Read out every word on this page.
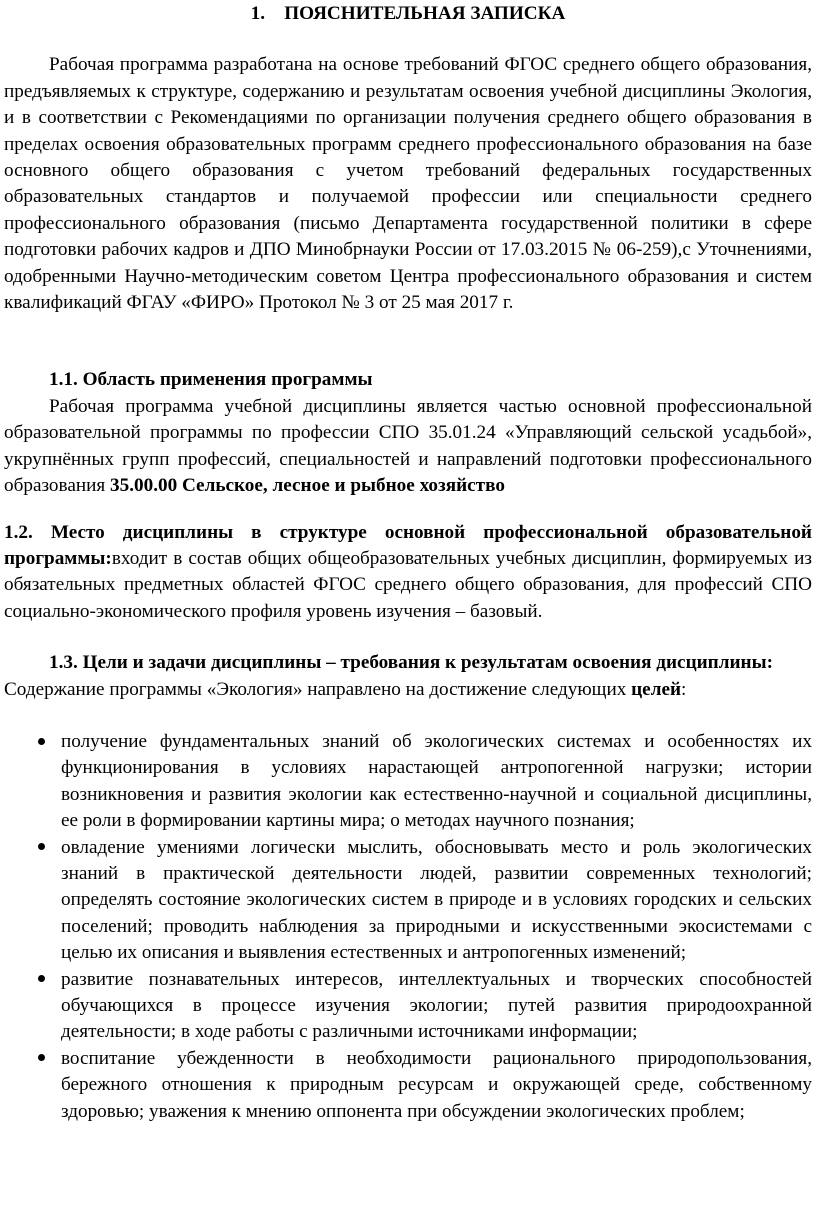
1. ПОЯСНИТЕЛЬНАЯ ЗАПИСКА

Рабочая программа разработана на основе требований ФГОС среднего общего образования, предъявляемых к структуре, содержанию и результатам освоения учебной дисциплины Экология, и в соответствии с Рекомендациями по организации получения среднего общего образования в пределах освоения образовательных программ среднего профессионального образования на базе основного общего образования с учетом требований федеральных государственных образовательных стандартов и получаемой профессии или специальности среднего профессионального образования (письмо Департамента государственной политики в сфере подготовки рабочих кадров и ДПО Минобрнауки России от 17.03.2015 № 06-259),с Уточнениями, одобренными Научно-методическим советом Центра профессионального образования и систем квалификаций ФГАУ «ФИРО» Протокол № 3 от 25 мая 2017 г.

1.1. Область применения программы

Рабочая программа учебной дисциплины является частью основной профессиональной образовательной программы по профессии СПО 35.01.24 «Управляющий сельской усадьбой», укрупнённых групп профессий, специальностей и направлений подготовки профессионального образования 35.00.00 Сельское, лесное и рыбное хозяйство

1.2. Место дисциплины в структуре основной профессиональной образовательной программы:входит в состав общих общеобразовательных учебных дисциплин, формируемых из обязательных предметных областей ФГОС среднего общего образования, для профессий СПО социально-экономического профиля уровень изучения – базовый.

1.3. Цели и задачи дисциплины – требования к результатам освоения дисциплины:

Содержание программы «Экология» направлено на достижение следующих целей:

получение фундаментальных знаний об экологических системах и особенностях их функционирования в условиях нарастающей антропогенной нагрузки; истории возникновения и развития экологии как естественно-научной и социальной дисциплины, ее роли в формировании картины мира; о методах научного познания;
овладение умениями логически мыслить, обосновывать место и роль экологических знаний в практической деятельности людей, развитии современных технологий; определять состояние экологических систем в природе и в условиях городских и сельских поселений; проводить наблюдения за природными и искусственными экосистемами с целью их описания и выявления естественных и антропогенных изменений;
развитие познавательных интересов, интеллектуальных и творческих способностей обучающихся в процессе изучения экологии; путей развития природоохранной деятельности; в ходе работы с различными источниками информации;
воспитание убежденности в необходимости рационального природопользования, бережного отношения к природным ресурсам и окружающей среде, собственному здоровью; уважения к мнению оппонента при обсуждении экологических проблем;
